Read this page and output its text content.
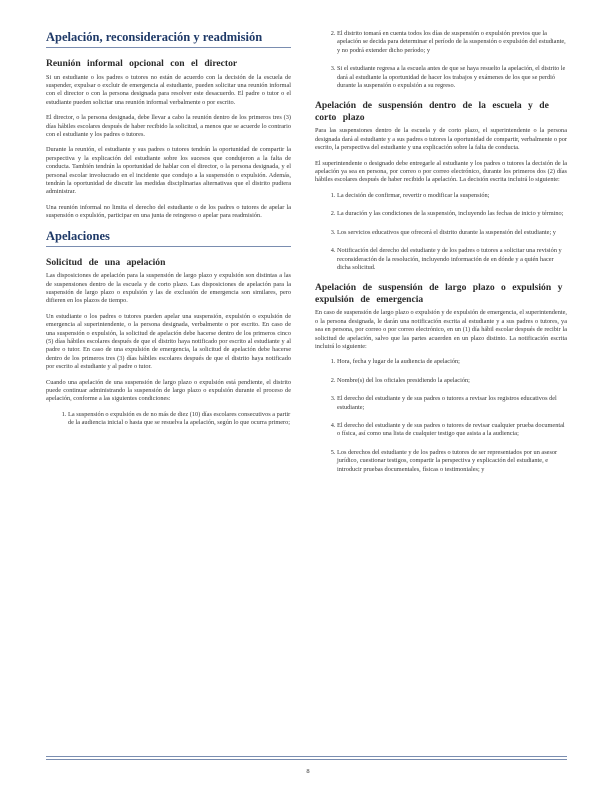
Apelación, reconsideración y readmisión
Reunión informal opcional con el director

Si un estudiante o los padres o tutores no están de acuerdo con la decisión de la escuela de suspender, expulsar o excluir de emergencia al estudiante, pueden solicitar una reunión informal con el director o con la persona designada para resolver este desacuerdo. El padre o tutor o el estudiante pueden solicitar una reunión informal verbalmente o por escrito.

El director, o la persona designada, debe llevar a cabo la reunión dentro de los primeros tres (3) días hábiles escolares después de haber recibido la solicitud, a menos que se acuerde lo contrario con el estudiante y los padres o tutores.

Durante la reunión, el estudiante y sus padres o tutores tendrán la oportunidad de compartir la perspectiva y la explicación del estudiante sobre los sucesos que condujeron a la falta de conducta. También tendrán la oportunidad de hablar con el director, o la persona designada, y el personal escolar involucrado en el incidente que condujo a la suspensión o expulsión. Además, tendrán la oportunidad de discutir las medidas disciplinarias alternativas que el distrito pudiera administrar.

Una reunión informal no limita el derecho del estudiante o de los padres o tutores de apelar la suspensión o expulsión, participar en una junta de reingreso o apelar para readmisión.

Apelaciones
Solicitud de una apelación

Las disposiciones de apelación para la suspensión de largo plazo y expulsión son distintas a las de suspensiones dentro de la escuela y de corto plazo. Las disposiciones de apelación para la suspensión de largo plazo o expulsión y las de exclusión de emergencia son similares, pero difieren en los plazos de tiempo.

Un estudiante o los padres o tutores pueden apelar una suspensión, expulsión o expulsión de emergencia al superintendente, o la persona designada, verbalmente o por escrito. En caso de una suspensión o expulsión, la solicitud de apelación debe hacerse dentro de los primeros cinco (5) días hábiles escolares después de que el distrito haya notificado por escrito al estudiante y al padre o tutor. En caso de una expulsión de emergencia, la solicitud de apelación debe hacerse dentro de los primeros tres (3) días hábiles escolares después de que el distrito haya notificado por escrito al estudiante y al padre o tutor.

Cuando una apelación de una suspensión de largo plazo o expulsión está pendiente, el distrito puede continuar administrando la suspensión de largo plazo o expulsión durante el proceso de apelación, conforme a las siguientes condiciones:

1. La suspensión o expulsión es de no más de diez (10) días escolares consecutivos a partir de la audiencia inicial o hasta que se resuelva la apelación, según lo que ocurra primero;
2. El distrito tomará en cuenta todos los días de suspensión o expulsión previos que la apelación se decida para determinar el período de la suspensión o expulsión del estudiante, y no podrá extender dicho período; y
3. Si el estudiante regresa a la escuela antes de que se haya resuelto la apelación, el distrito le dará al estudiante la oportunidad de hacer los trabajos y exámenes de los que se perdió durante la suspensión o expulsión a su regreso.
Apelación de suspensión dentro de la escuela y de corto plazo

Para las suspensiones dentro de la escuela y de corto plazo, el superintendente o la persona designada dará al estudiante y a sus padres o tutores la oportunidad de compartir, verbalmente o por escrito, la perspectiva del estudiante y una explicación sobre la falta de conducta.

El superintendente o designado debe entregarle al estudiante y los padres o tutores la decisión de la apelación ya sea en persona, por correo o por correo electrónico, durante los primeros dos (2) días hábiles escolares después de haber recibido la apelación. La decisión escrita incluirá lo siguiente:

1. La decisión de confirmar, revertir o modificar la suspensión;
2. La duración y las condiciones de la suspensión, incluyendo las fechas de inicio y término;
3. Los servicios educativos que ofrecerá el distrito durante la suspensión del estudiante; y
4. Notificación del derecho del estudiante y de los padres o tutores a solicitar una revisión y reconsideración de la resolución, incluyendo información de en dónde y a quién hacer dicha solicitud.
Apelación de suspensión de largo plazo o expulsión y expulsión de emergencia

En caso de suspensión de largo plazo o expulsión y de expulsión de emergencia, el superintendente, o la persona designada, le darán una notificación escrita al estudiante y a sus padres o tutores, ya sea en persona, por correo o por correo electrónico, en un (1) día hábil escolar después de recibir la solicitud de apelación, salvo que las partes acuerden en un plazo distinto. La notificación escrita incluirá lo siguiente:

1. Hora, fecha y lugar de la audiencia de apelación;
2. Nombre(s) del los oficiales presidiendo la apelación;
3. El derecho del estudiante y de sus padres o tutores a revisar los registros educativos del estudiante;
4. El derecho del estudiante y de sus padres o tutores de revisar cualquier prueba documental o física, así como una lista de cualquier testigo que asista a la audiencia;
5. Los derechos del estudiante y de los padres o tutores de ser representados por un asesor jurídico, cuestionar testigos, compartir la perspectiva y explicación del estudiante, e introducir pruebas documentales, físicas o testimoniales; y
8
